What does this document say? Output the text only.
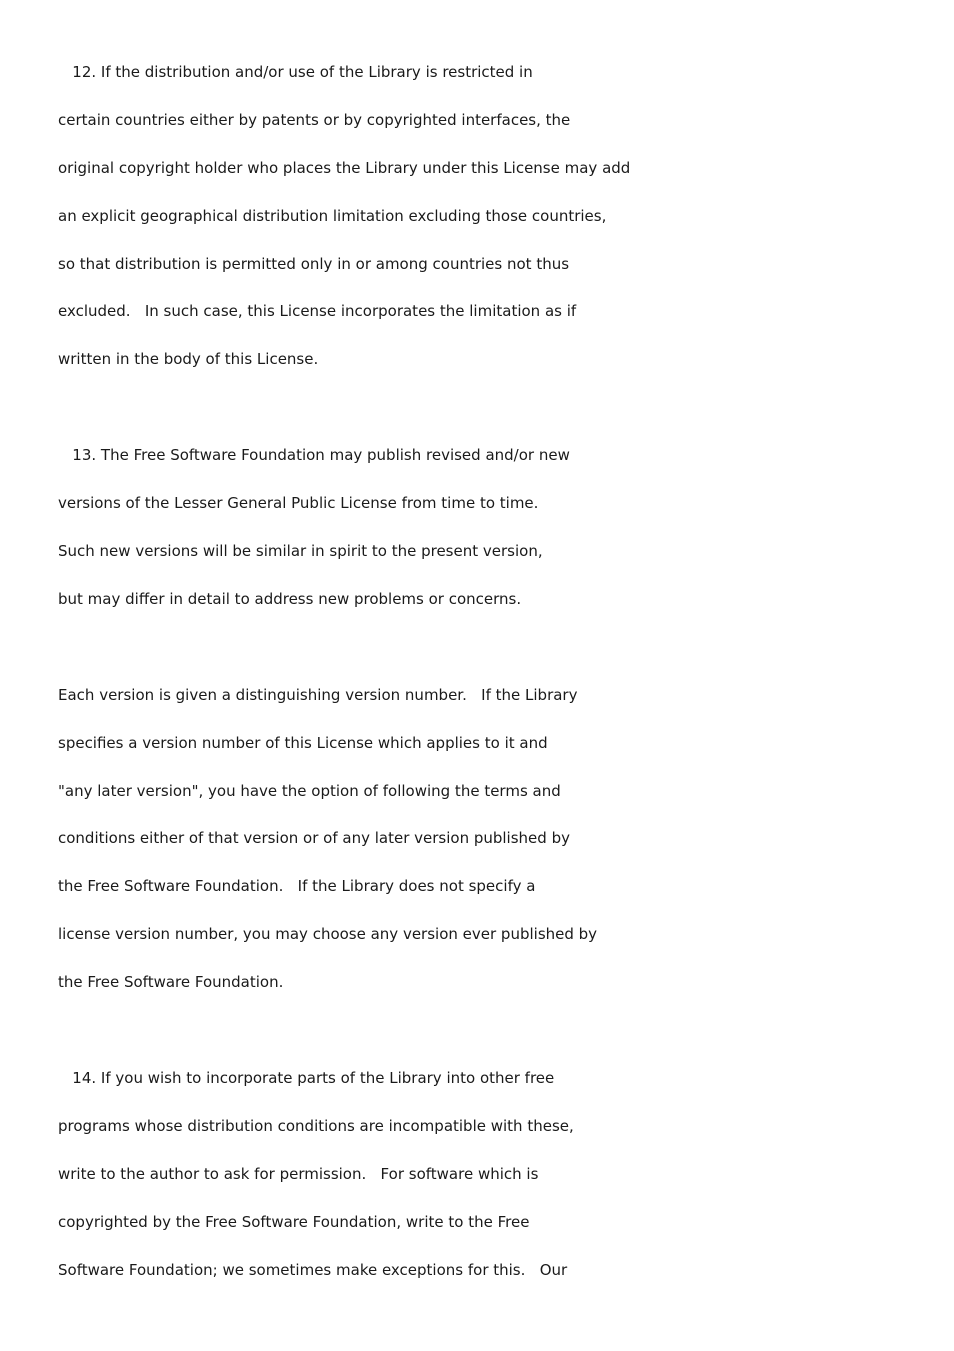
12. If the distribution and/or use of the Library is restricted in
certain countries either by patents or by copyrighted interfaces, the
original copyright holder who places the Library under this License may add
an explicit geographical distribution limitation excluding those countries,
so that distribution is permitted only in or among countries not thus
excluded.   In such case, this License incorporates the limitation as if
written in the body of this License.
13. The Free Software Foundation may publish revised and/or new
versions of the Lesser General Public License from time to time.
Such new versions will be similar in spirit to the present version,
but may differ in detail to address new problems or concerns.
Each version is given a distinguishing version number.   If the Library
specifies a version number of this License which applies to it and
"any later version", you have the option of following the terms and
conditions either of that version or of any later version published by
the Free Software Foundation.   If the Library does not specify a
license version number, you may choose any version ever published by
the Free Software Foundation.
14. If you wish to incorporate parts of the Library into other free
programs whose distribution conditions are incompatible with these,
write to the author to ask for permission.   For software which is
copyrighted by the Free Software Foundation, write to the Free
Software Foundation; we sometimes make exceptions for this.   Our
